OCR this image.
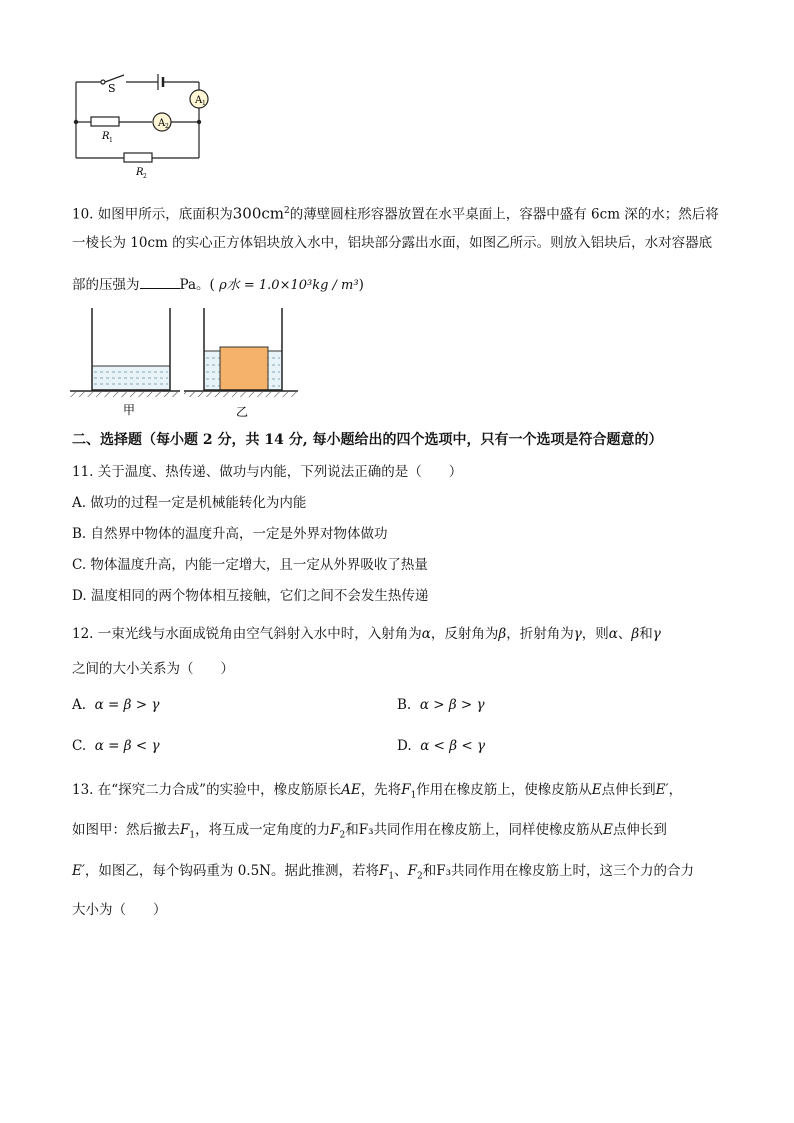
S
A 1
A 2
R 1
R 2
10. 如图甲所示，底面积为$300cm^2$的薄壁圆柱形容器放置在水平桌面上，容器中盛有 6cm 深的水；然后将
一棱长为 10cm 的实心正方体铝块放入水中，铝块部分露出水面，如图乙所示。则放入铝块后，水对容器底
部的压强为	Pa。( ρ水 = 1.0×10³kg / m³)
甲	乙
二、选择题（每小题 2 分，共 14 分, 每小题给出的四个选项中，只有一个选项是符合题意的）
11. 关于温度、热传递、做功与内能，下列说法正确的是（　　）
A. 做功的过程一定是机械能转化为内能
B. 自然界中物体的温度升高，一定是外界对物体做功
C. 物体温度升高，内能一定增大，且一定从外界吸收了热量
D. 温度相同的两个物体相互接触，它们之间不会发生热传递
12. 一束光线与水面成锐角由空气斜射入水中时，入射角为α，反射角为β，折射角为γ，则α、β和γ
之间的大小关系为（　　）
A. α = β > γ	B. α > β > γ
C. α = β < γ	D. α < β < γ
13. 在“探究二力合成”的实验中，橡皮筋原长AE，先将$F_1$作用在橡皮筋上，使橡皮筋从E点伸长到E′，
如图甲：然后撤去$F_1$，将互成一定角度的力$F_2$和F₃共同作用在橡皮筋上，同样使橡皮筋从E点伸长到
E′，如图乙，每个钩码重为 0.5N。据此推测，若将$F_1$、$F_2$和F₃共同作用在橡皮筋上时，这三个力的合力
大小为（　　）
